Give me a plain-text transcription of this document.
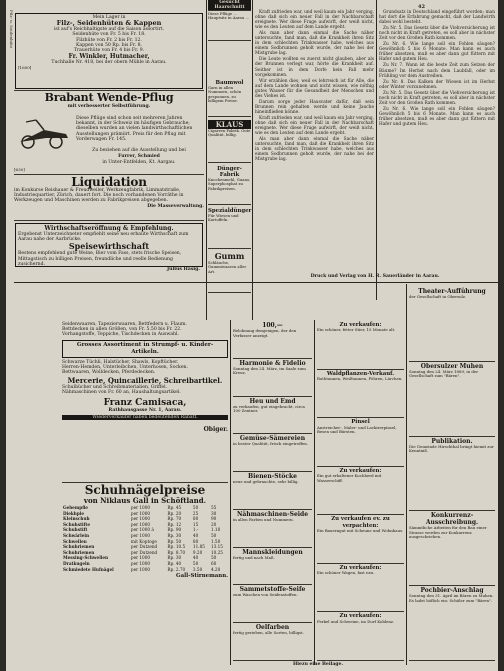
Filz- u. Seidenhüte
42
Mein Lager in
Filz-, Seidenhüten & Kappen
ist auf's Reichhaltigste auf die Saison assortirt.
Seidenhüte von Fr. 5 bis Fr. 18.
Filzhüte von Fr. 2 bis Fr. 12.
Kappen von 50 Rp. bis Fr. 8.
Trauerhüte von Fr. 4 bis Fr. 9.
Fr. Winkler, Hutmacher,
Tuchhalle Nr. 418, bei der obern Mühle in Aarau.
[1600]
Brabant Wende-Pflug
mit verbesserter Selbstführung.
Diese Pflüge sind schon seit mehreren Jahren bekannt, in der Schweiz im häufigen Gebrauche; dieselben wurden an vielen landwirthschaftlichen Ausstellungen prämiirt. Preis für den Pflug mit Vorderwagen Fr. 145.
Zu beziehen auf die Ausstellung und bei
Furrer, Schmied
in Unter-Entfelden, Kt. Aargau.
[630]
Liquidation
im Konkurse Reishauer & Freudweiler, Werkzeugfabrik, Limmatstraße, Industriequartier, Zürich, dauert fort. Die noch vorhandenen Vorräthe in Werkzeugen und Maschinen werden zu Fabrikpreisen abgegeben.
Die Masseverwaltung.
Wirthschaftseröffnung & Empfehlung.
Ergebenst Unterzeichneter empfiehlt seine neu erbaute Wirthschaft zum Aarau nahe der Aarbrücke.
Speisewirthschaft
Bestens empfehlend gute Weine, Bier vom Fass, stets frische Speisen, Mittagstisch zu billigen Preisen, freundliche und reelle Bedienung zusichernd.
Julius Häsig.
Gesucht Haarschnitt
Diese Pflüge ... Hauptsitz in Aarau ...
Baumwol
Garn in allen Nummern, schön gesponnen, zu billigem Preise.
KLAUS
Cigarren Fabrik. Gute Qualität, billig.
Dünger-Fabrik
Knochenmehl, Guano, Superphosphat zu Fabrikpreisen.
Spezialdünger
Für Wiesen und Kartoffeln.
Gumm
Schläuche, Gummiwaaren aller Art.

Kraft zufrieden war, und weil kaum ein Jahr verging, ohne daß sich ein neuer Fall in der Nachbarschaft ereignete. Wer diese Frage aufwirft, der weiß nicht, wie es den Leuten auf dem Lande ergeht.

Als man aber dann einmal die Sache näher untersuchte, fand man, daß die Krankheit ihren Sitz in dem schlechten Trinkwasser habe, welches aus einem Sodbrunnen geholt wurde, der nahe bei der Mistgrube lag.

Die Leute wollten es zuerst nicht glauben, aber als der Brunnen verlegt war, hörte die Krankheit auf. Seither ist in dem Dorfe kein Fall mehr vorgekommen.

Wir erzählen dies, weil es lehrreich ist für Alle, die auf dem Lande wohnen und nicht wissen, wie nöthig gutes Wasser für die Gesundheit der Menschen und des Viehes ist.

Darum sorge jeder Hausvater dafür, daß sein Brunnen rein gehalten werde und keine Jauche hineinfließen könne.

Kraft zufrieden war, und weil kaum ein Jahr verging, ohne daß sich ein neuer Fall in der Nachbarschaft ereignete. Wer diese Frage aufwirft, der weiß nicht, wie es den Leuten auf dem Lande ergeht.

Als man aber dann einmal die Sache näher untersuchte, fand man, daß die Krankheit ihren Sitz in dem schlechten Trinkwasser habe, welches aus einem Sodbrunnen geholt wurde, der nahe bei der Mistgrube lag.

Grundsatz in Deutschland eingeführt worden; man hat dort die Erfahrung gemacht, daß der Landwirth dabei wohl besteht.

Zu Nr. 5. Das Gesetz über die Viehversicherung ist noch nicht in Kraft getreten, es soll aber in nächster Zeit vor den Großen Rath kommen.

Zu Nr. 6. Wie lange soll ein Fohlen säugen? Gewöhnlich 5 bis 6 Monate. Man kann es auch früher absetzen, muß es aber dann gut füttern mit Hafer und gutem Heu.

Zu Nr. 7. Wann ist die beste Zeit zum Setzen der Bäume? Im Herbst nach dem Laubfall, oder im Frühling vor dem Austreiben.

Zu Nr. 8. Das Kalken der Wiesen ist im Herbst oder Winter vorzunehmen.

Zu Nr. 5. Das Gesetz über die Viehversicherung ist noch nicht in Kraft getreten, es soll aber in nächster Zeit vor den Großen Rath kommen.

Zu Nr. 6. Wie lange soll ein Fohlen säugen? Gewöhnlich 5 bis 6 Monate. Man kann es auch früher absetzen, muß es aber dann gut füttern mit Hafer und gutem Heu.

Druck und Verlag von H. R. Sauerländer in Aarau.
Seidenwaaren, Tapezierwaaren, Bettfedern u. Flaum.
Bettdecken in allen Größen, von Fr. 5.50 bis Fr. 22.
Vorhangstoffe, Teppiche, Tischdecken in Auswahl.
Grosses Assortiment in Strumpf- u. Kinder-Artikeln.
Schwarze Tüchli, Halstücher, Shawls, Kopftücher.
Herren-Hemden, Unterleibchen, Unterhosen, Socken.
Bettwaaren, Wolldecken, Pferdedecken.
Mercerie, Quincaillerie, Schreibartikel.
Schulbücher und Schreibmaterialien, Griffel.
Nähmaschinen von Fr. 60 an, Haushaltungsartikel.
Franz Camisaca,
Rathhausgasse Nr. 1, Aarau.
Wiederverkäufer haben bedeutenden Rabatt.
Obiger.
Schuhnägelpreise
von Niklaus Gall in Schöftland.
Gebempfle	per 1000	Rp. 45	50	55
Diekhple	per 1000	Rp. 20	25	30
Kleinschuh	per 1000	Rp. 70	80	90
Schuhstifte	per 1000	Rp. 12	15	20
Schuhstift	per 1000 à	Rp. 90	1.-	1.10
Schwärlein	per 1000	Rp. 30	40	50
Schwellen	mit Koptoge	Rp. 50	80	1.50
Schuhriemen	per Dutzend	Rp. 10.5	11.85	13.15
Schuhriemen	per Dutzend	Rp. 8.70	9.20	10.25
Messing-Schwellen	per 1000	Rp. 30	40	50
Dratkugeln	per 1000	Rp. 40	50	60
Schmiedete Hufnägel	per 1000	Rp. 2.70	3.50	4.20
Gall-Stirnemann.
100,—
Belohnung demjenigen, der den Verfasser anzeigt.
Harmonie & Fidelio
Sonntag den 24. März, im Saale zum Kreuz.
Heu und Emd
zu verkaufen, gut eingebracht, circa 100 Zentner.
Gemüse-Sämereien
in bester Qualität, frisch eingetroffen.
Bienen-Stöcke
neue und gebrauchte, sehr billig.
Nähmaschinen-Seide
in allen Farben und Nummern.
Mannskleidungen
fertig und nach Maß.
Sammetstoffe-Seife
zum Waschen von Seidenstoffen.
Oelfarben
fertig gerieben, alle Sorten, billigst.
Zu verkaufen:
Ein schöner, fetter Stier, 15 Monate alt.
Waldpflanzen-Verkauf.
Rothtannen, Weißtannen, Föhren, Lärchen.
Pinsel
Anstreicher-, Maler- und Lackirerpinsel, Besen und Bürsten.
Zu verkaufen:
Ein gut erhaltener Kochherd mit Wasserschiff.
Zu verkaufen ev. zu verpachten:
Ein Bauerngut mit Scheune und Wohnhaus.
Zu verkaufen:
Ein schöner Wagen, fast neu.
Zu verkaufen:
Ferkel und Schweine, im Dorf Koblenz.
Theater-Aufführung
der Gesellschaft in Obersulz.
Obersulzer Muhen
Sonntag den 24. März 1889, in der Gesellschaft zum "Bären".
Publikation.
Die Gemeinde Hirschthal bringt hiemit zur Kenntniß.
Konkurrenz-Ausschreibung.
Sämmtliche Arbeiten für den Bau einer Strasse werden zur Konkurrenz ausgeschrieben.
Pochbier-Anschlag
Sonntag den 31. April im Bären zu Muhen. Es ladet höflich ein: Schüler zum "Bären".
Hiezu eine Beilage.
